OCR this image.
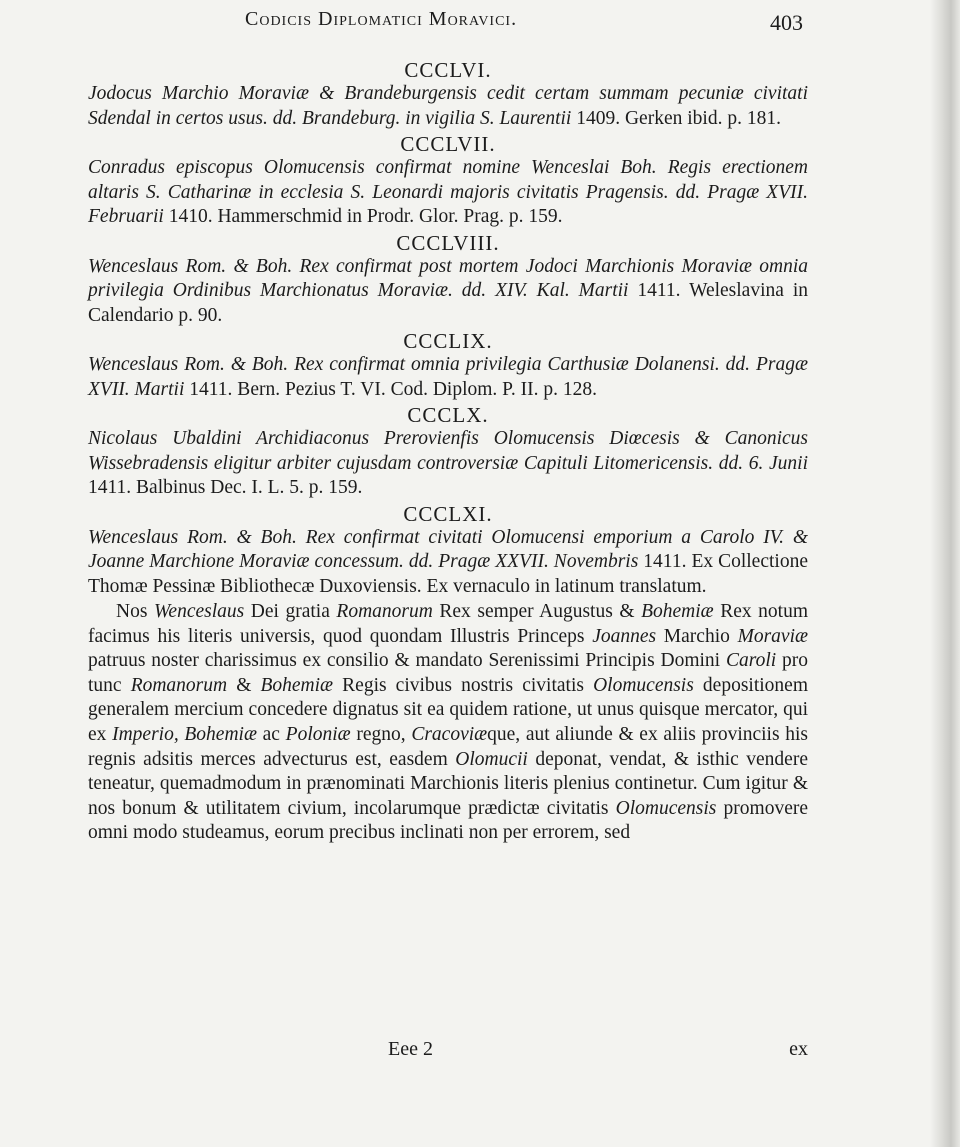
Codicis Diplomatici Moravici.	403

CCCLVI.

Jodocus Marchio Moraviæ & Brandeburgensis cedit certam summam pecuniæ civitati Sdendal in certos usus. dd. Brandeburg. in vigilia S. Laurentii 1409. Gerken ibid. p. 181.

CCCLVII.

Conradus episcopus Olomucensis confirmat nomine Wenceslai Boh. Regis erectionem altaris S. Catharinæ in ecclesia S. Leonardi majoris civitatis Pragensis. dd. Pragæ XVII. Februarii 1410. Hammerschmid in Prodr. Glor. Prag. p. 159.

CCCLVIII.

Wenceslaus Rom. & Boh. Rex confirmat post mortem Jodoci Marchionis Moraviæ omnia privilegia Ordinibus Marchionatus Moraviæ. dd. XIV. Kal. Martii 1411. Weleslavina in Calendario p. 90.

CCCLIX.

Wenceslaus Rom. & Boh. Rex confirmat omnia privilegia Carthusiæ Dolanensi. dd. Pragæ XVII. Martii 1411. Bern. Pezius T. VI. Cod. Diplom. P. II. p. 128.

CCCLX.

Nicolaus Ubaldini Archidiaconus Prerovienfis Olomucensis Diœcesis & Canonicus Wissebradensis eligitur arbiter cujusdam controversiæ Capituli Litomericensis. dd. 6. Junii 1411. Balbinus Dec. I. L. 5. p. 159.

CCCLXI.

Wenceslaus Rom. & Boh. Rex confirmat civitati Olomucensi emporium a Carolo IV. & Joanne Marchione Moraviæ concessum. dd. Pragæ XXVII. Novembris 1411. Ex Collectione Thomæ Pessinæ Bibliothecæ Duxoviensis. Ex vernaculo in latinum translatum.

Nos Wenceslaus Dei gratia Romanorum Rex semper Augustus & Bohemiæ Rex notum facimus his literis universis, quod quondam Illustris Princeps Joannes Marchio Moraviæ patruus noster charissimus ex consilio & mandato Serenissimi Principis Domini Caroli pro tunc Romanorum & Bohemiæ Regis civibus nostris civitatis Olomucensis depositionem generalem mercium concedere dignatus sit ea quidem ratione, ut unus quisque mercator, qui ex Imperio, Bohemiæ ac Poloniæ regno, Cracoviæque, aut aliunde & ex aliis provinciis his regnis adsitis merces advecturus est, easdem Olomucii deponat, vendat, & isthic vendere teneatur, quemadmodum in prænominati Marchionis literis plenius continetur. Cum igitur & nos bonum & utilitatem civium, incolarumque prædictæ civitatis Olomucensis promovere omni modo studeamus, eorum precibus inclinati non per errorem, sed

Eee 2	ex
